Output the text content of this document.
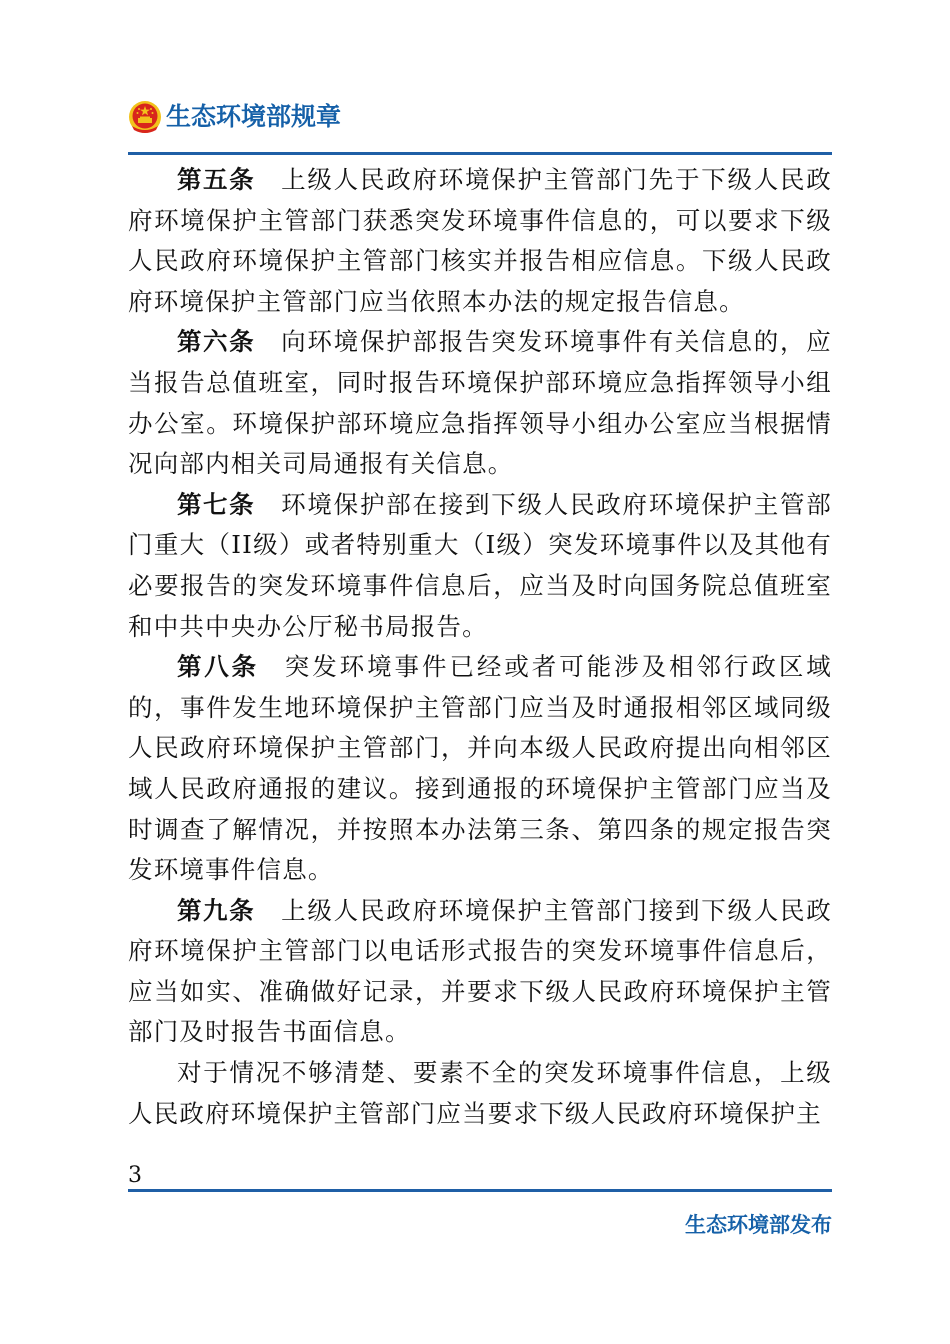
生态环境部规章

第五条 上级人民政府环境保护主管部门先于下级人民政府环境保护主管部门获悉突发环境事件信息的，可以要求下级人民政府环境保护主管部门核实并报告相应信息。下级人民政府环境保护主管部门应当依照本办法的规定报告信息。

第六条 向环境保护部报告突发环境事件有关信息的，应当报告总值班室，同时报告环境保护部环境应急指挥领导小组办公室。环境保护部环境应急指挥领导小组办公室应当根据情况向部内相关司局通报有关信息。

第七条 环境保护部在接到下级人民政府环境保护主管部门重大（II级）或者特别重大（I级）突发环境事件以及其他有必要报告的突发环境事件信息后，应当及时向国务院总值班室和中共中央办公厅秘书局报告。

第八条 突发环境事件已经或者可能涉及相邻行政区域的，事件发生地环境保护主管部门应当及时通报相邻区域同级人民政府环境保护主管部门，并向本级人民政府提出向相邻区域人民政府通报的建议。接到通报的环境保护主管部门应当及时调查了解情况，并按照本办法第三条、第四条的规定报告突发环境事件信息。

第九条 上级人民政府环境保护主管部门接到下级人民政府环境保护主管部门以电话形式报告的突发环境事件信息后，应当如实、准确做好记录，并要求下级人民政府环境保护主管部门及时报告书面信息。

对于情况不够清楚、要素不全的突发环境事件信息，上级人民政府环境保护主管部门应当要求下级人民政府环境保护主

3
生态环境部发布
